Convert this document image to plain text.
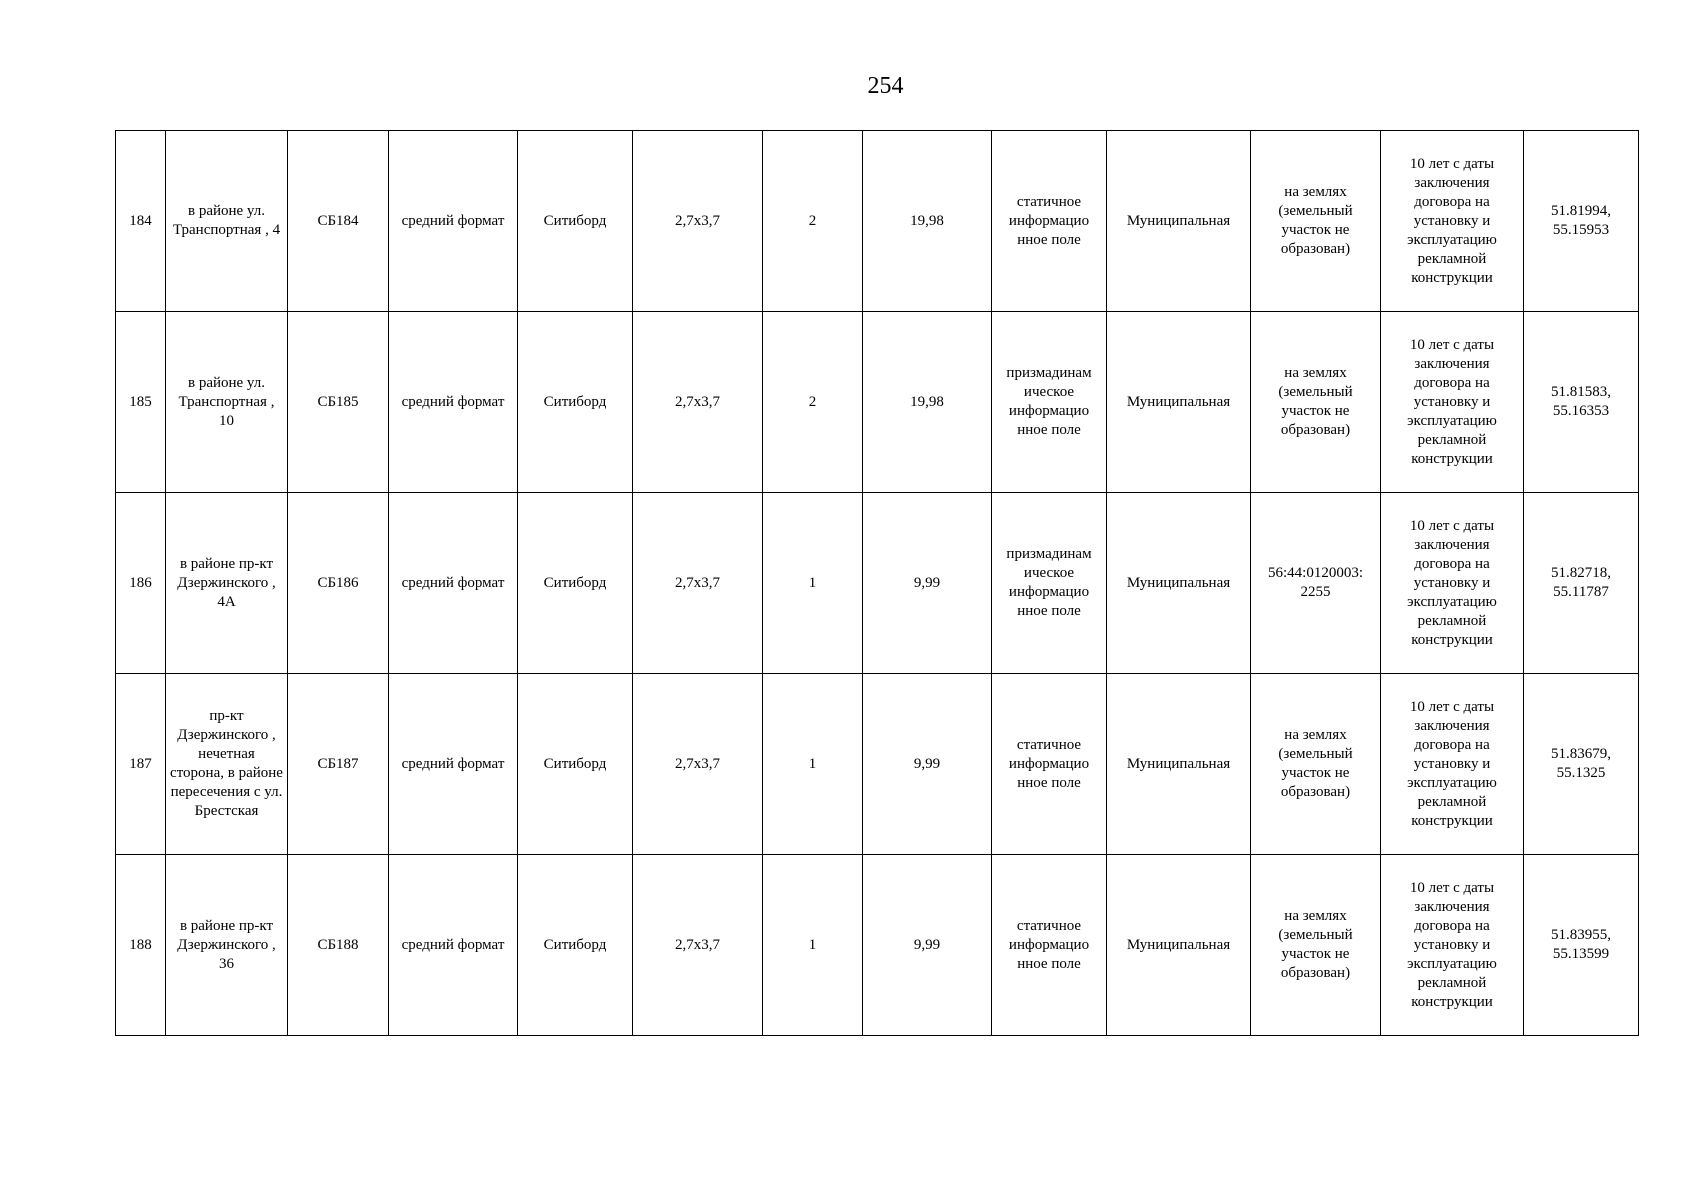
254
184	в районе ул. Транспортная , 4	СБ184	средний формат	Ситиборд	2,7х3,7	2	19,98	статичное информацио нное поле	Муниципальная	на землях (земельный участок не образован)	10 лет с даты заключения договора на установку и эксплуатацию рекламной конструкции	51.81994, 55.15953
185	в районе ул. Транспортная , 10	СБ185	средний формат	Ситиборд	2,7х3,7	2	19,98	призмадинам ическое информацио нное поле	Муниципальная	на землях (земельный участок не образован)	10 лет с даты заключения договора на установку и эксплуатацию рекламной конструкции	51.81583, 55.16353
186	в районе пр-кт Дзержинского , 4А	СБ186	средний формат	Ситиборд	2,7х3,7	1	9,99	призмадинам ическое информацио нное поле	Муниципальная	56:44:0120003: 2255	10 лет с даты заключения договора на установку и эксплуатацию рекламной конструкции	51.82718, 55.11787
187	пр-кт Дзержинского , нечетная сторона, в районе пересечения с ул. Брестская	СБ187	средний формат	Ситиборд	2,7х3,7	1	9,99	статичное информацио нное поле	Муниципальная	на землях (земельный участок не образован)	10 лет с даты заключения договора на установку и эксплуатацию рекламной конструкции	51.83679, 55.1325
188	в районе пр-кт Дзержинского , 36	СБ188	средний формат	Ситиборд	2,7х3,7	1	9,99	статичное информацио нное поле	Муниципальная	на землях (земельный участок не образован)	10 лет с даты заключения договора на установку и эксплуатацию рекламной конструкции	51.83955, 55.13599
